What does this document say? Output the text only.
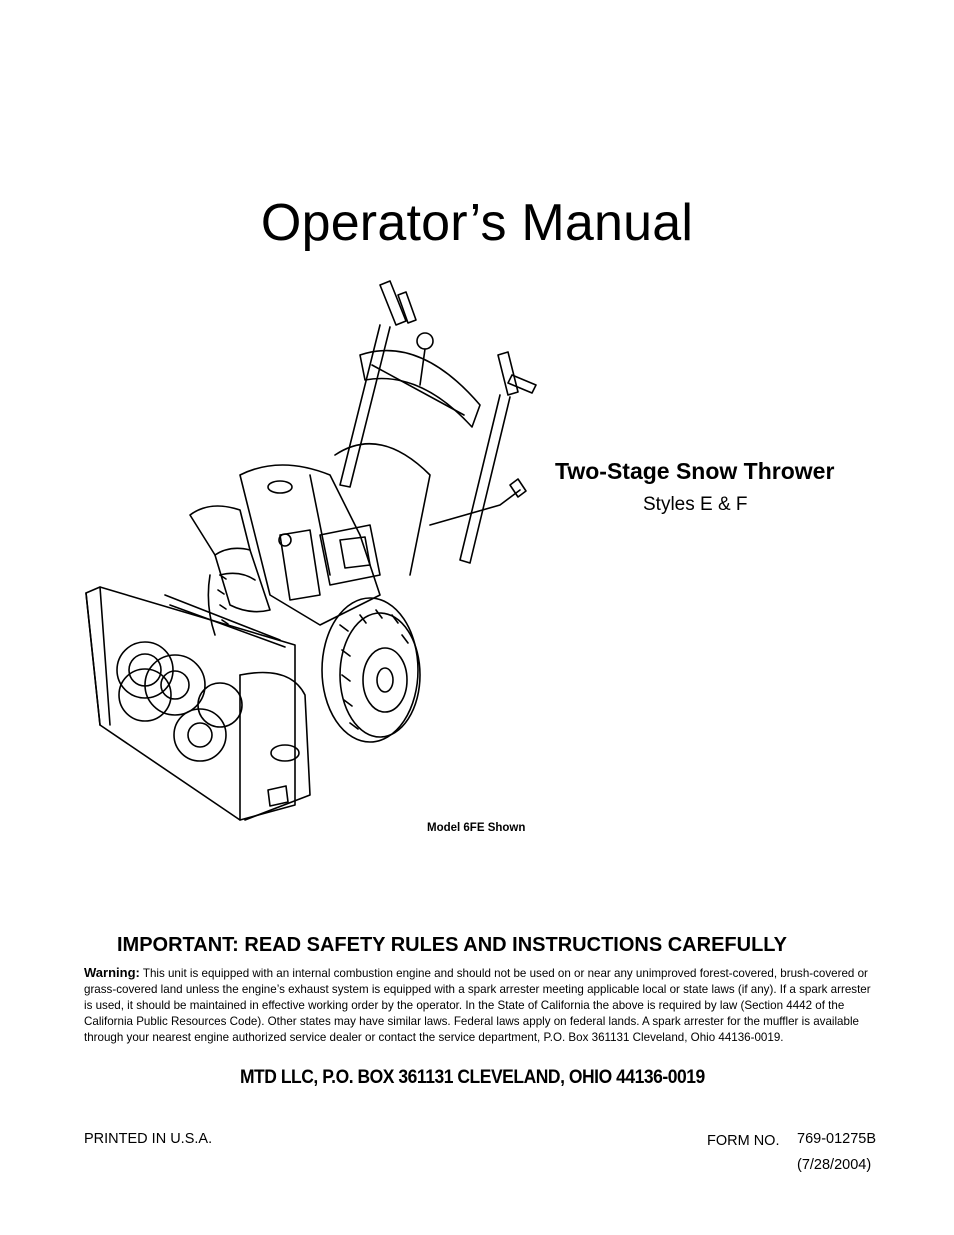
Operator’s Manual
Two-Stage Snow Thrower
Styles E & F
Model 6FE Shown
IMPORTANT: READ SAFETY RULES AND INSTRUCTIONS CAREFULLY
Warning: This unit is equipped with an internal combustion engine and should not be used on or near any unimproved forest-covered, brush-covered or grass-covered land unless the engine’s exhaust system is equipped with a spark arrester meeting applicable local or state laws (if any). If a spark arrester is used, it should be maintained in effective working order by the operator. In the State of California the above is required by law (Section 4442 of the California Public Resources Code). Other states may have similar laws. Federal laws apply on federal lands. A spark arrester for the muffler is available through your nearest engine authorized service dealer or contact the service department, P.O. Box 361131 Cleveland, Ohio 44136-0019.
MTD LLC, P.O. BOX 361131 CLEVELAND, OHIO 44136-0019
PRINTED IN U.S.A.	FORM NO. 769-01275B
(7/28/2004)
